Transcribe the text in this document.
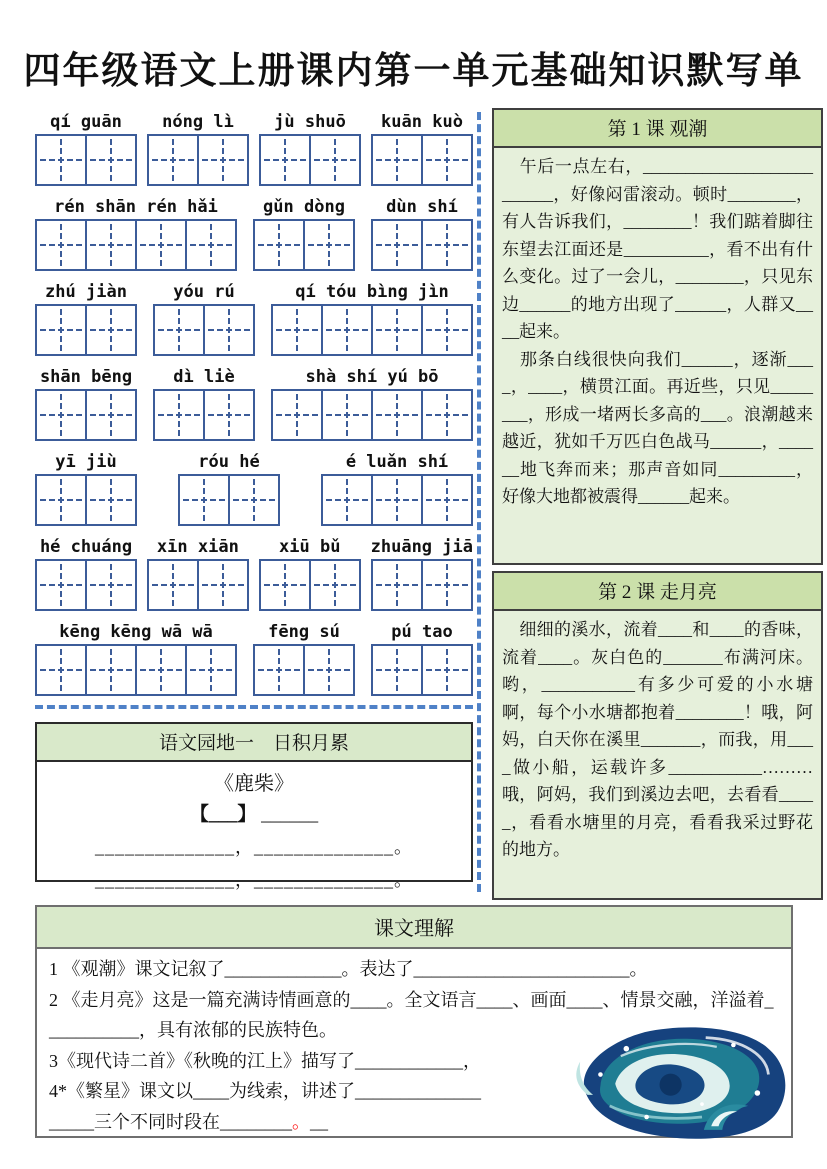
四年级语文上册课内第一单元基础知识默写单
qí guān	nóng lì	jù shuō	kuān kuò
rén shān rén hǎi	gǔn dòng	dùn shí
zhú jiàn	yóu rú	qí tóu bìng jìn
shān bēng	dì liè	shà shí yú bō
yī jiù	róu hé	é luǎn shí
hé chuáng	xīn xiān	xiū bǔ	zhuāng jiā
kēng kēng wā wā	fēng sú	pú tao
语文园地一　日积月累
《鹿柴》
【___】 ______
______________，______________。
______________，______________。
第 1 课 观潮

　午后一点左右，__________________________，好像闷雷滚动。顿时________，有人告诉我们，________！我们踮着脚往东望去江面还是__________，看不出有什么变化。过了一会儿，________，只见东边______的地方出现了______，人群又____起来。

　那条白线很快向我们______，逐渐____，____，横贯江面。再近些，只见________，形成一堵两长多高的___。浪潮越来越近，犹如千万匹白色战马______，______地飞奔而来；那声音如同_________，好像大地都被震得______起来。

第 2 课 走月亮

　细细的溪水，流着____和____的香味，流着____。灰白色的_______布满河床。哟，___________有多少可爱的小水塘啊，每个小水塘都抱着________！哦，阿妈，白天你在溪里_______，而我，用____做小船，运载许多___________………哦，阿妈，我们到溪边去吧，去看看_____，看看水塘里的月亮，看看我采过野花的地方。

课文理解
1 《观潮》课文记叙了_____________。表达了________________________。
2 《走月亮》这是一篇充满诗情画意的____。全文语言____、画面____、情景交融，洋溢着___________，具有浓郁的民族特色。
3《现代诗二首》《秋晚的江上》描写了____________，
4*《繁星》课文以____为线索，讲述了______________
_____三个不同时段在________。__
